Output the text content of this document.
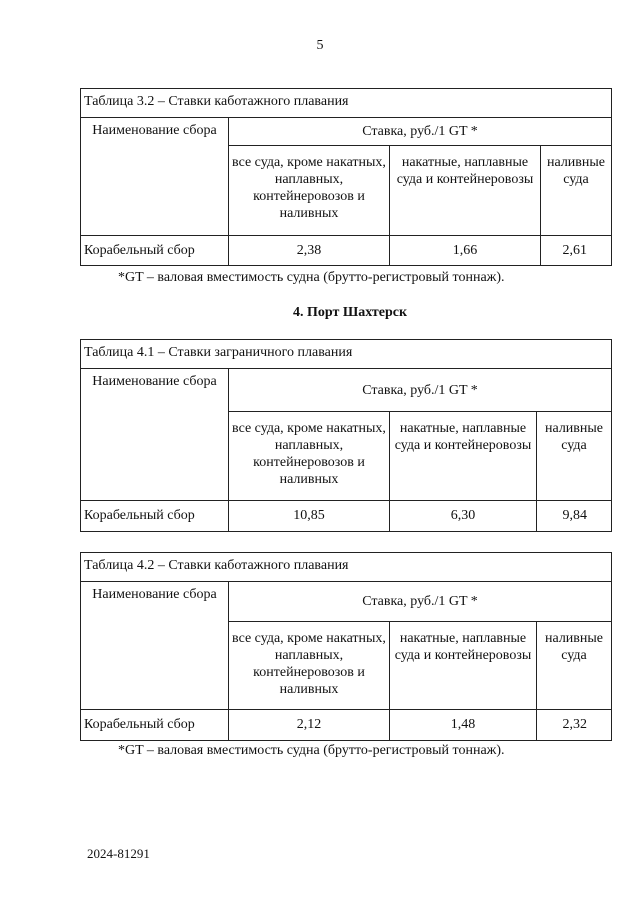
5
Таблица 3.2 – Ставки каботажного плавания			

Наименование сбора	Ставка, руб./1 GT *		

	все суда, кроме накатных, наплавных, контейнеровозов и наливных	накатные, наплавные суда и контейнеровозы	наливные суда

Корабельный сбор	2,38	1,66	2,61
*GT – валовая вместимость судна (брутто-регистровый тоннаж).
4. Порт Шахтерск
Таблица 4.1 – Ставки заграничного плавания			

Наименование сбора	Ставка, руб./1 GT *		

	все суда, кроме накатных, наплавных, контейнеровозов и наливных	накатные, наплавные суда и контейнеровозы	наливные суда

Корабельный сбор	10,85	6,30	9,84
Таблица 4.2 – Ставки каботажного плавания			

Наименование сбора	Ставка, руб./1 GT *		

	все суда, кроме накатных, наплавных, контейнеровозов и наливных	накатные, наплавные суда и контейнеровозы	наливные суда

Корабельный сбор	2,12	1,48	2,32
*GT – валовая вместимость судна (брутто-регистровый тоннаж).
2024-81291
